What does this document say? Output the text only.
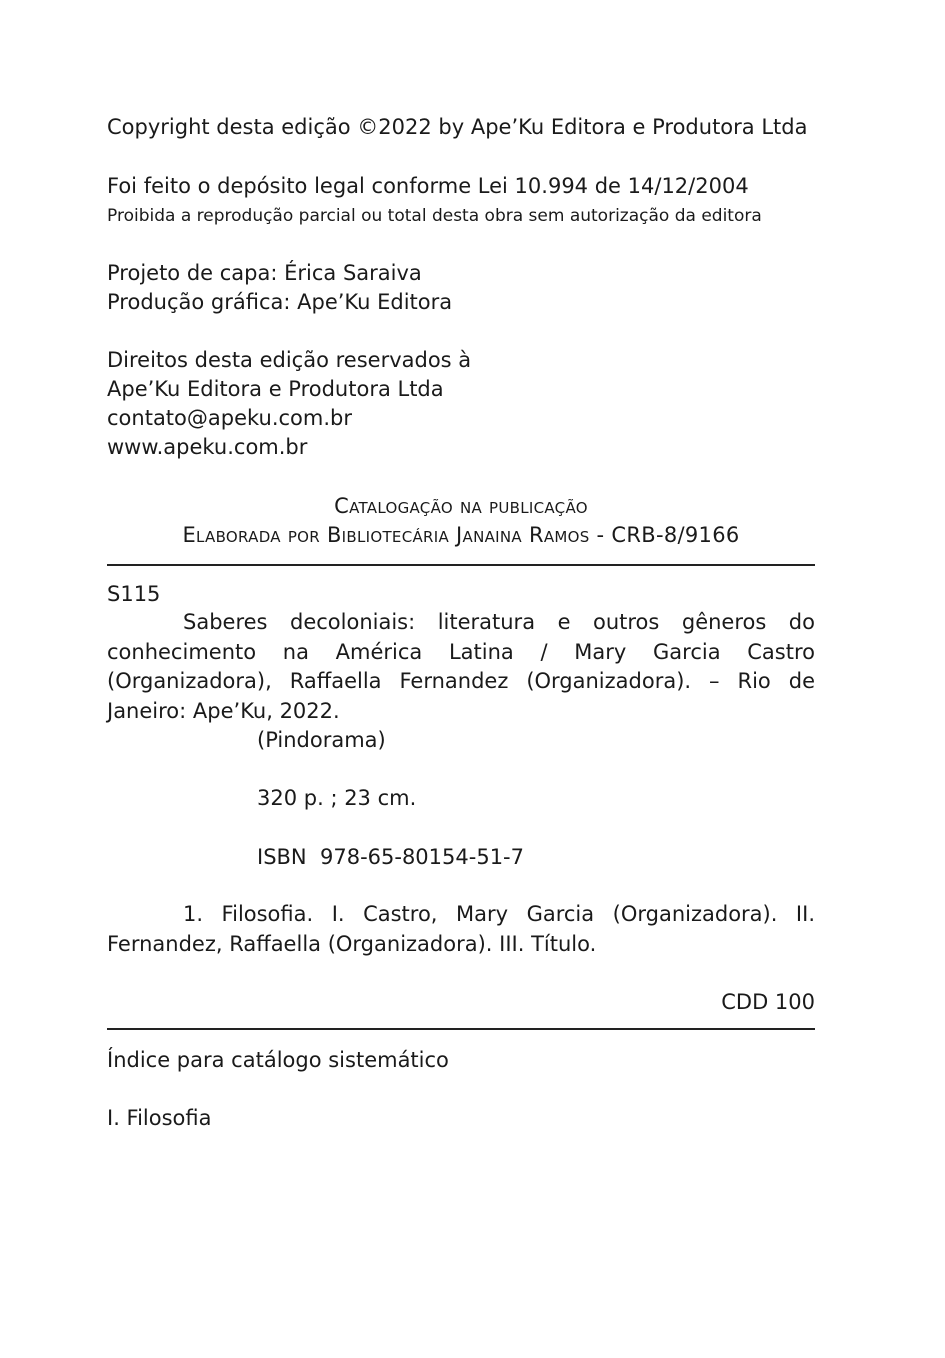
Copyright desta edição ©2022 by Ape’Ku Editora e Produtora Ltda
Foi feito o depósito legal conforme Lei 10.994 de 14/12/2004
Proibida a reprodução parcial ou total desta obra sem autorização da editora
Projeto de capa: Érica Saraiva
Produção gráfica: Ape’Ku Editora
Direitos desta edição reservados à
Ape’Ku Editora e Produtora Ltda
contato@apeku.com.br
www.apeku.com.br
Catalogação na publicação
Elaborada por Bibliotecária Janaina Ramos - CRB-8/9166
S115
Saberes decoloniais: literatura e outros gêneros do conhecimento na América Latina / Mary Garcia Castro (Organizadora), Raffaella Fernandez (Organizadora). – Rio de Janeiro: Ape’Ku, 2022.
(Pindorama)
320 p. ; 23 cm.
ISBN  978-65-80154-51-7
1. Filosofia. I. Castro, Mary Garcia (Organizadora). II. Fernandez, Raffaella (Organizadora). III. Título.
CDD 100
Índice para catálogo sistemático
I. Filosofia
